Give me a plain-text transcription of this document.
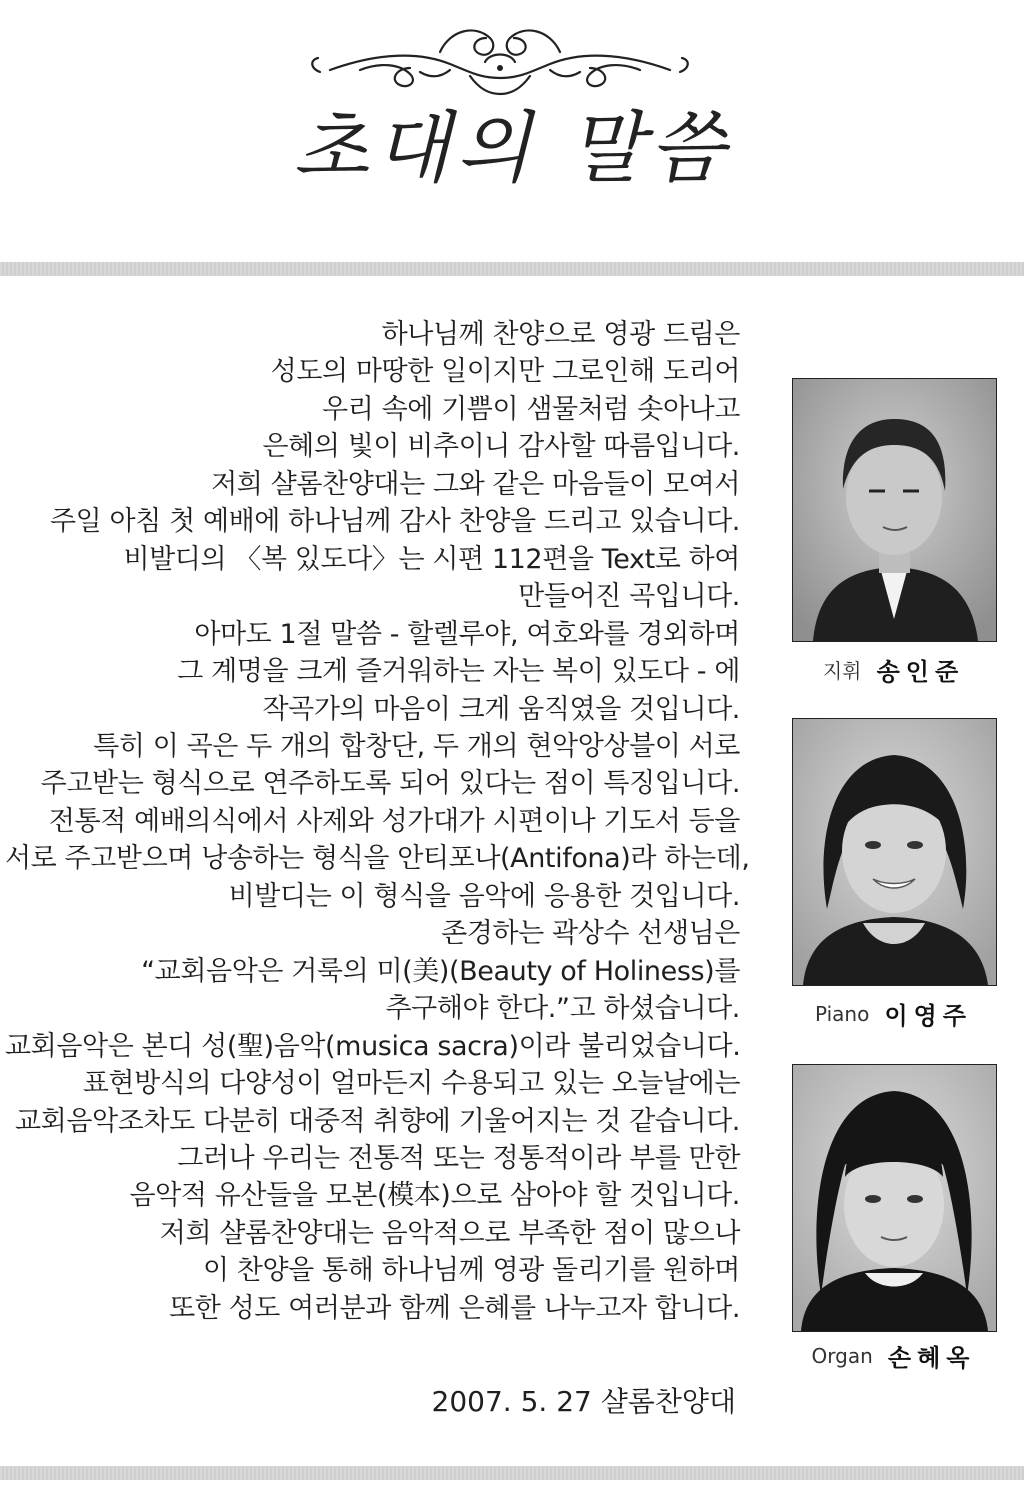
초대의 말씀
하나님께 찬양으로 영광 드림은
성도의 마땅한 일이지만 그로인해 도리어
우리 속에 기쁨이 샘물처럼 솟아나고
은혜의 빛이 비추이니 감사할 따름입니다.
저희 샬롬찬양대는 그와 같은 마음들이 모여서
주일 아침 첫 예배에 하나님께 감사 찬양을 드리고 있습니다.
비발디의 〈복 있도다〉는 시편 112편을 Text로 하여
만들어진 곡입니다.
아마도 1절 말씀 - 할렐루야, 여호와를 경외하며
그 계명을 크게 즐거워하는 자는 복이 있도다 - 에
작곡가의 마음이 크게 움직였을 것입니다.
특히 이 곡은 두 개의 합창단, 두 개의 현악앙상블이 서로
주고받는 형식으로 연주하도록 되어 있다는 점이 특징입니다.
전통적 예배의식에서 사제와 성가대가 시편이나 기도서 등을
서로 주고받으며 낭송하는 형식을 안티포나(Antifona)라 하는데,
비발디는 이 형식을 음악에 응용한 것입니다.
존경하는 곽상수 선생님은
“교회음악은 거룩의 미(美)(Beauty of Holiness)를
추구해야 한다.”고 하셨습니다.
교회음악은 본디 성(聖)음악(musica sacra)이라 불리었습니다.
표현방식의 다양성이 얼마든지 수용되고 있는 오늘날에는
교회음악조차도 다분히 대중적 취향에 기울어지는 것 같습니다.
그러나 우리는 전통적 또는 정통적이라 부를 만한
음악적 유산들을 모본(模本)으로 삼아야 할 것입니다.
저희 샬롬찬양대는 음악적으로 부족한 점이 많으나
이 찬양을 통해 하나님께 영광 돌리기를 원하며
또한 성도 여러분과 함께 은혜를 나누고자 합니다.
2007. 5. 27 샬롬찬양대
지휘 송인준
Piano 이영주
Organ 손혜옥
